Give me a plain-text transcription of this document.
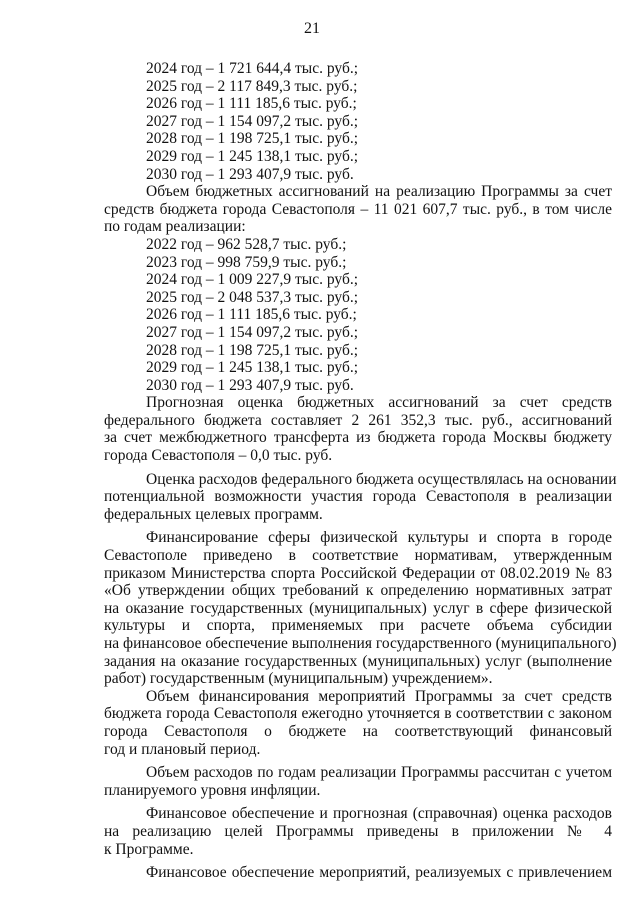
21
2024 год – 1 721 644,4 тыс. руб.;
2025 год – 2 117 849,3 тыс. руб.;
2026 год – 1 111 185,6 тыс. руб.;
2027 год – 1 154 097,2 тыс. руб.;
2028 год – 1 198 725,1 тыс. руб.;
2029 год – 1 245 138,1 тыс. руб.;
2030 год – 1 293 407,9 тыс. руб.
Объем бюджетных ассигнований на реализацию Программы за счет
средств бюджета города Севастополя – 11 021 607,7 тыс. руб., в том числе
по годам реализации:
2022 год – 962 528,7 тыс. руб.;
2023 год – 998 759,9 тыс. руб.;
2024 год – 1 009 227,9 тыс. руб.;
2025 год – 2 048 537,3 тыс. руб.;
2026 год – 1 111 185,6 тыс. руб.;
2027 год – 1 154 097,2 тыс. руб.;
2028 год – 1 198 725,1 тыс. руб.;
2029 год – 1 245 138,1 тыс. руб.;
2030 год – 1 293 407,9 тыс. руб.
Прогнозная оценка бюджетных ассигнований за счет средств
федерального бюджета составляет 2 261 352,3 тыс. руб., ассигнований
за счет межбюджетного трансферта из бюджета города Москвы бюджету
города Севастополя – 0,0 тыс. руб.
Оценка расходов федерального бюджета осуществлялась на основании
потенциальной возможности участия города Севастополя в реализации
федеральных целевых программ.
Финансирование сферы физической культуры и спорта в городе
Севастополе приведено в соответствие нормативам, утвержденным
приказом Министерства спорта Российской Федерации от 08.02.2019 № 83
«Об утверждении общих требований к определению нормативных затрат
на оказание государственных (муниципальных) услуг в сфере физической
культуры и спорта, применяемых при расчете объема субсидии
на финансовое обеспечение выполнения государственного (муниципального)
задания на оказание государственных (муниципальных) услуг (выполнение
работ) государственным (муниципальным) учреждением».
Объем финансирования мероприятий Программы за счет средств
бюджета города Севастополя ежегодно уточняется в соответствии с законом
города Севастополя о бюджете на соответствующий финансовый
год и плановый период.
Объем расходов по годам реализации Программы рассчитан с учетом
планируемого уровня инфляции.
Финансовое обеспечение и прогнозная (справочная) оценка расходов
на реализацию целей Программы приведены в приложении № 4
к Программе.
Финансовое обеспечение мероприятий, реализуемых с привлечением
